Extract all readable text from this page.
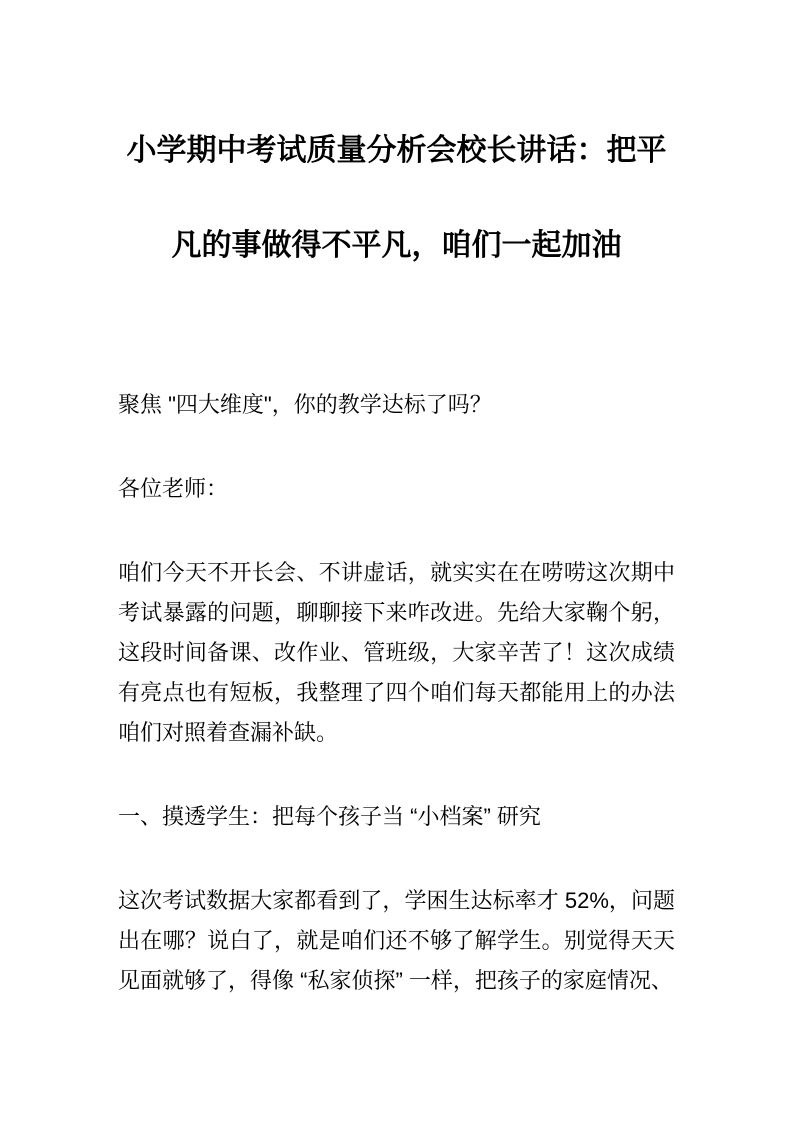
小学期中考试质量分析会校长讲话：把平
凡的事做得不平凡，咱们一起加油

聚焦 "四大维度"，你的教学达标了吗？

各位老师：

咱们今天不开长会、不讲虚话，就实实在在唠唠这次期中考试暴露的问题，聊聊接下来咋改进。先给大家鞠个躬，这段时间备课、改作业、管班级，大家辛苦了！这次成绩有亮点也有短板，我整理了四个咱们每天都能用上的办法咱们对照着查漏补缺。

一、摸透学生：把每个孩子当 “小档案” 研究

这次考试数据大家都看到了，学困生达标率才 52%，问题出在哪？说白了，就是咱们还不够了解学生。别觉得天天见面就够了，得像 “私家侦探” 一样，把孩子的家庭情况、
